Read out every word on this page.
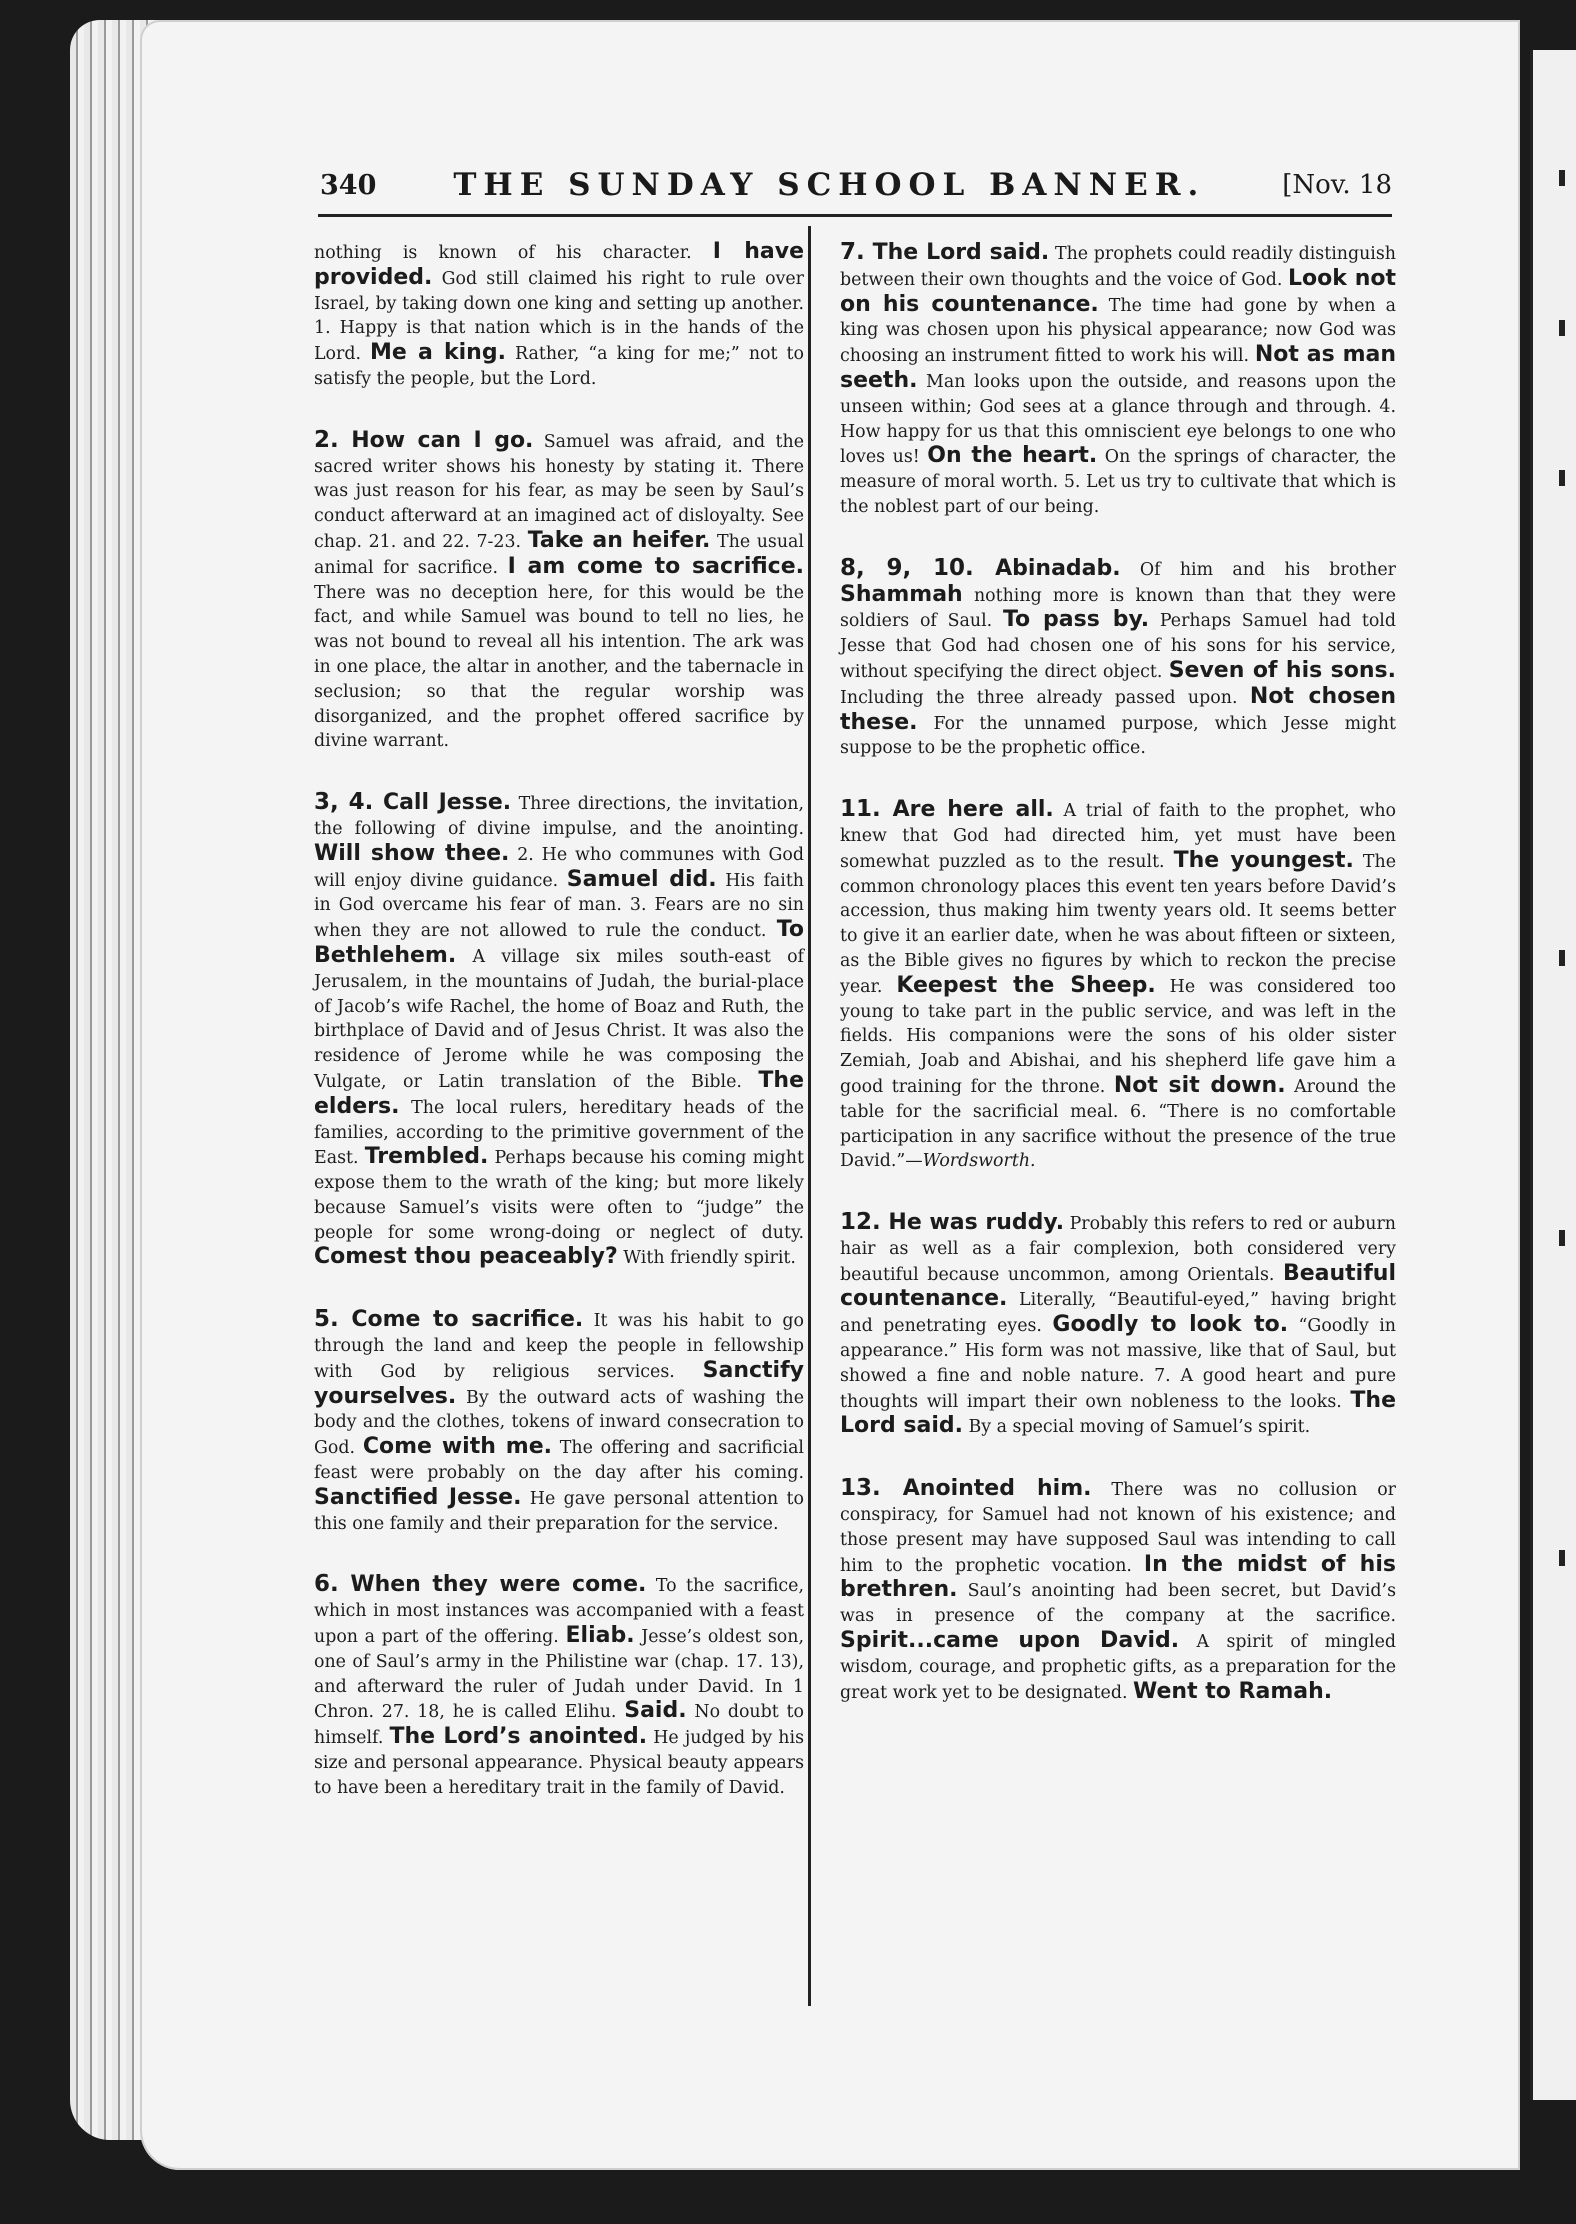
340 THE SUNDAY SCHOOL BANNER.	[Nov. 18

nothing is known of his character. I have provided. God still claimed his right to rule over Israel, by taking down one king and setting up another. 1. Happy is that nation which is in the hands of the Lord. Me a king. Rather, “a king for me;” not to satisfy the people, but the Lord.

2. How can I go. Samuel was afraid, and the sacred writer shows his honesty by stating it. There was just reason for his fear, as may be seen by Saul’s conduct afterward at an imagined act of disloyalty. See chap. 21. and 22. 7-23. Take an heifer. The usual animal for sacrifice. I am come to sacrifice. There was no deception here, for this would be the fact, and while Samuel was bound to tell no lies, he was not bound to reveal all his intention. The ark was in one place, the altar in another, and the tabernacle in seclusion; so that the regular worship was disorganized, and the prophet offered sacrifice by divine warrant.

3, 4. Call Jesse. Three directions, the invitation, the following of divine impulse, and the anointing. Will show thee. 2. He who communes with God will enjoy divine guidance. Samuel did. His faith in God overcame his fear of man. 3. Fears are no sin when they are not allowed to rule the conduct. To Bethlehem. A village six miles south-east of Jerusalem, in the mountains of Judah, the burial-place of Jacob’s wife Rachel, the home of Boaz and Ruth, the birthplace of David and of Jesus Christ. It was also the residence of Jerome while he was composing the Vulgate, or Latin translation of the Bible. The elders. The local rulers, hereditary heads of the families, according to the primitive government of the East. Trembled. Perhaps because his coming might expose them to the wrath of the king; but more likely because Samuel’s visits were often to “judge” the people for some wrong-doing or neglect of duty. Comest thou peaceably? With friendly spirit.

5. Come to sacrifice. It was his habit to go through the land and keep the people in fellowship with God by religious services. Sanctify yourselves. By the outward acts of washing the body and the clothes, tokens of inward consecration to God. Come with me. The offering and sacrificial feast were probably on the day after his coming. Sanctified Jesse. He gave personal attention to this one family and their preparation for the service.

6. When they were come. To the sacrifice, which in most instances was accompanied with a feast upon a part of the offering. Eliab. Jesse’s oldest son, one of Saul’s army in the Philistine war (chap. 17. 13), and afterward the ruler of Judah under David. In 1 Chron. 27. 18, he is called Elihu. Said. No doubt to himself. The Lord’s anointed. He judged by his size and personal appearance. Physical beauty appears to have been a hereditary trait in the family of David.

7. The Lord said. The prophets could readily distinguish between their own thoughts and the voice of God. Look not on his countenance. The time had gone by when a king was chosen upon his physical appearance; now God was choosing an instrument fitted to work his will. Not as man seeth. Man looks upon the outside, and reasons upon the unseen within; God sees at a glance through and through. 4. How happy for us that this omniscient eye belongs to one who loves us! On the heart. On the springs of character, the measure of moral worth. 5. Let us try to cultivate that which is the noblest part of our being.

8, 9, 10. Abinadab. Of him and his brother Shammah nothing more is known than that they were soldiers of Saul. To pass by. Perhaps Samuel had told Jesse that God had chosen one of his sons for his service, without specifying the direct object. Seven of his sons. Including the three already passed upon. Not chosen these. For the unnamed purpose, which Jesse might suppose to be the prophetic office.

11. Are here all. A trial of faith to the prophet, who knew that God had directed him, yet must have been somewhat puzzled as to the result. The youngest. The common chronology places this event ten years before David’s accession, thus making him twenty years old. It seems better to give it an earlier date, when he was about fifteen or sixteen, as the Bible gives no figures by which to reckon the precise year. Keepest the Sheep. He was considered too young to take part in the public service, and was left in the fields. His companions were the sons of his older sister Zemiah, Joab and Abishai, and his shepherd life gave him a good training for the throne. Not sit down. Around the table for the sacrificial meal. 6. “There is no comfortable participation in any sacrifice without the presence of the true David.”—Wordsworth.

12. He was ruddy. Probably this refers to red or auburn hair as well as a fair complexion, both considered very beautiful because uncommon, among Orientals. Beautiful countenance. Literally, “Beautiful-eyed,” having bright and penetrating eyes. Goodly to look to. “Goodly in appearance.” His form was not massive, like that of Saul, but showed a fine and noble nature. 7. A good heart and pure thoughts will impart their own nobleness to the looks. The Lord said. By a special moving of Samuel’s spirit.

13. Anointed him. There was no collusion or conspiracy, for Samuel had not known of his existence; and those present may have supposed Saul was intending to call him to the prophetic vocation. In the midst of his brethren. Saul’s anointing had been secret, but David’s was in presence of the company at the sacrifice. Spirit...came upon David. A spirit of mingled wisdom, courage, and prophetic gifts, as a preparation for the great work yet to be designated. Went to Ramah.
